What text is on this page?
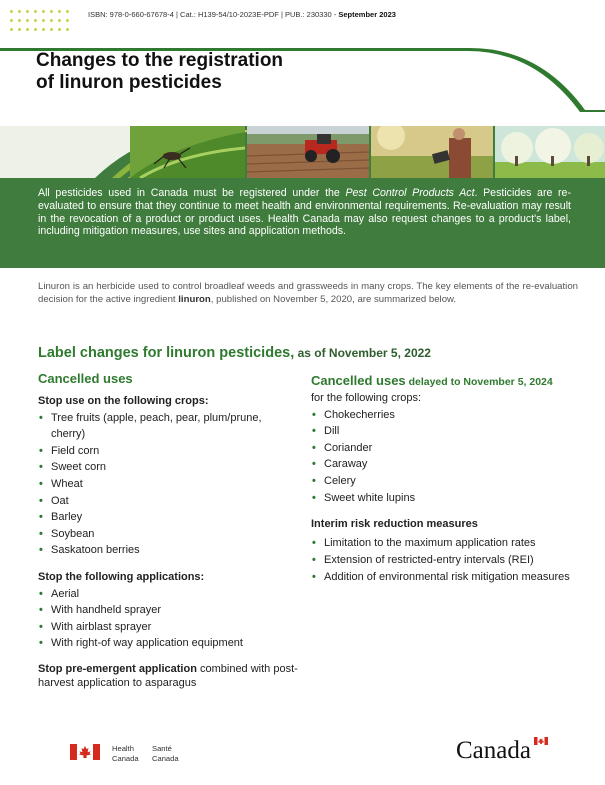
ISBN: 978-0-660-67678-4 | Cat.: H139-54/10-2023E-PDF | PUB.: 230330 - September 2023
Changes to the registration
of linuron pesticides
All pesticides used in Canada must be registered under the Pest Control Products Act. Pesticides are re-evaluated to ensure that they continue to meet health and environmental requirements. Re-evaluation may result in the revocation of a product or product uses. Health Canada may also request changes to a product's label, including mitigation measures, use sites and application methods.
Linuron is an herbicide used to control broadleaf weeds and grassweeds in many crops. The key elements of the re-evaluation decision for the active ingredient linuron, published on November 5, 2020, are summarized below.
Label changes for linuron pesticides, as of November 5, 2022
Cancelled uses
Stop use on the following crops:
• Tree fruits (apple, peach, pear, plum/prune, cherry)
• Field corn
• Sweet corn
• Wheat
• Oat
• Barley
• Soybean
• Saskatoon berries
Stop the following applications:
• Aerial
• With handheld sprayer
• With airblast sprayer
• With right-of way application equipment
Stop pre-emergent application combined with post-harvest application to asparagus
Cancelled uses delayed to November 5, 2024
for the following crops:
• Chokecherries
• Dill
• Coriander
• Caraway
• Celery
• Sweet white lupins
Interim risk reduction measures
• Limitation to the maximum application rates
• Extension of restricted-entry intervals (REI)
• Addition of environmental risk mitigation measures
Health
Canada
Santé
Canada	Canada
